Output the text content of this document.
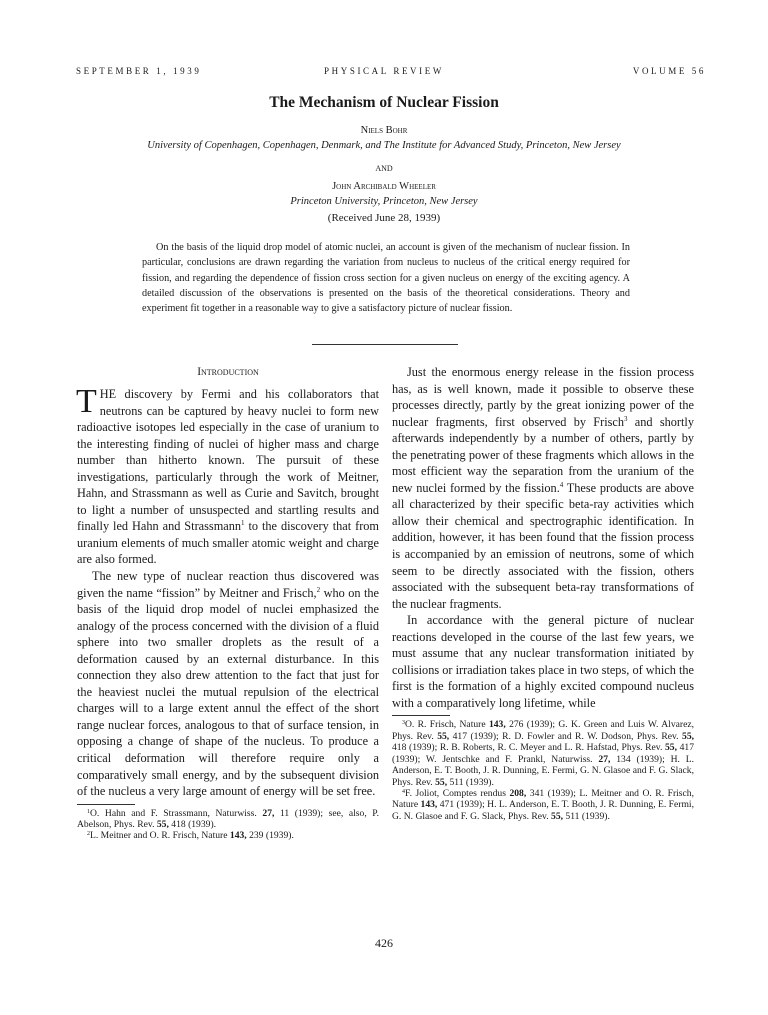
SEPTEMBER 1, 1939	PHYSICAL REVIEW	VOLUME 56
The Mechanism of Nuclear Fission
Niels Bohr
University of Copenhagen, Copenhagen, Denmark, and The Institute for Advanced Study, Princeton, New Jersey
AND
John Archibald Wheeler
Princeton University, Princeton, New Jersey
(Received June 28, 1939)
On the basis of the liquid drop model of atomic nuclei, an account is given of the mechanism of nuclear fission. In particular, conclusions are drawn regarding the variation from nucleus to nucleus of the critical energy required for fission, and regarding the dependence of fission cross section for a given nucleus on energy of the exciting agency. A detailed discussion of the observations is presented on the basis of the theoretical considerations. Theory and experiment fit together in a reasonable way to give a satisfactory picture of nuclear fission.
Introduction

THE discovery by Fermi and his collaborators that neutrons can be captured by heavy nuclei to form new radioactive isotopes led especially in the case of uranium to the interesting finding of nuclei of higher mass and charge number than hitherto known. The pursuit of these investigations, particularly through the work of Meitner, Hahn, and Strassmann as well as Curie and Savitch, brought to light a number of unsuspected and startling results and finally led Hahn and Strassmann$^1$ to the discovery that from uranium elements of much smaller atomic weight and charge are also formed.

The new type of nuclear reaction thus discovered was given the name “fission” by Meitner and Frisch,$^2$ who on the basis of the liquid drop model of nuclei emphasized the analogy of the process concerned with the division of a fluid sphere into two smaller droplets as the result of a deformation caused by an external disturbance. In this connection they also drew attention to the fact that just for the heaviest nuclei the mutual repulsion of the electrical charges will to a large extent annul the effect of the short range nuclear forces, analogous to that of surface tension, in opposing a change of shape of the nucleus. To produce a critical deformation will therefore require only a comparatively small energy, and by the subsequent division of the nucleus a very large amount of energy will be set free.

$^1$O. Hahn and F. Strassmann, Naturwiss. 27, 11 (1939); see, also, P. Abelson, Phys. Rev. 55, 418 (1939).

$^2$L. Meitner and O. R. Frisch, Nature 143, 239 (1939).

Just the enormous energy release in the fission process has, as is well known, made it possible to observe these processes directly, partly by the great ionizing power of the nuclear fragments, first observed by Frisch$^3$ and shortly afterwards independently by a number of others, partly by the penetrating power of these fragments which allows in the most efficient way the separation from the uranium of the new nuclei formed by the fission.$^4$ These products are above all characterized by their specific beta-ray activities which allow their chemical and spectrographic identification. In addition, however, it has been found that the fission process is accompanied by an emission of neutrons, some of which seem to be directly associated with the fission, others associated with the subsequent beta-ray transformations of the nuclear fragments.

In accordance with the general picture of nuclear reactions developed in the course of the last few years, we must assume that any nuclear transformation initiated by collisions or irradiation takes place in two steps, of which the first is the formation of a highly excited compound nucleus with a comparatively long lifetime, while

$^3$O. R. Frisch, Nature 143, 276 (1939); G. K. Green and Luis W. Alvarez, Phys. Rev. 55, 417 (1939); R. D. Fowler and R. W. Dodson, Phys. Rev. 55, 418 (1939); R. B. Roberts, R. C. Meyer and L. R. Hafstad, Phys. Rev. 55, 417 (1939); W. Jentschke and F. Prankl, Naturwiss. 27, 134 (1939); H. L. Anderson, E. T. Booth, J. R. Dunning, E. Fermi, G. N. Glasoe and F. G. Slack, Phys. Rev. 55, 511 (1939).

$^4$F. Joliot, Comptes rendus 208, 341 (1939); L. Meitner and O. R. Frisch, Nature 143, 471 (1939); H. L. Anderson, E. T. Booth, J. R. Dunning, E. Fermi, G. N. Glasoe and F. G. Slack, Phys. Rev. 55, 511 (1939).

426
